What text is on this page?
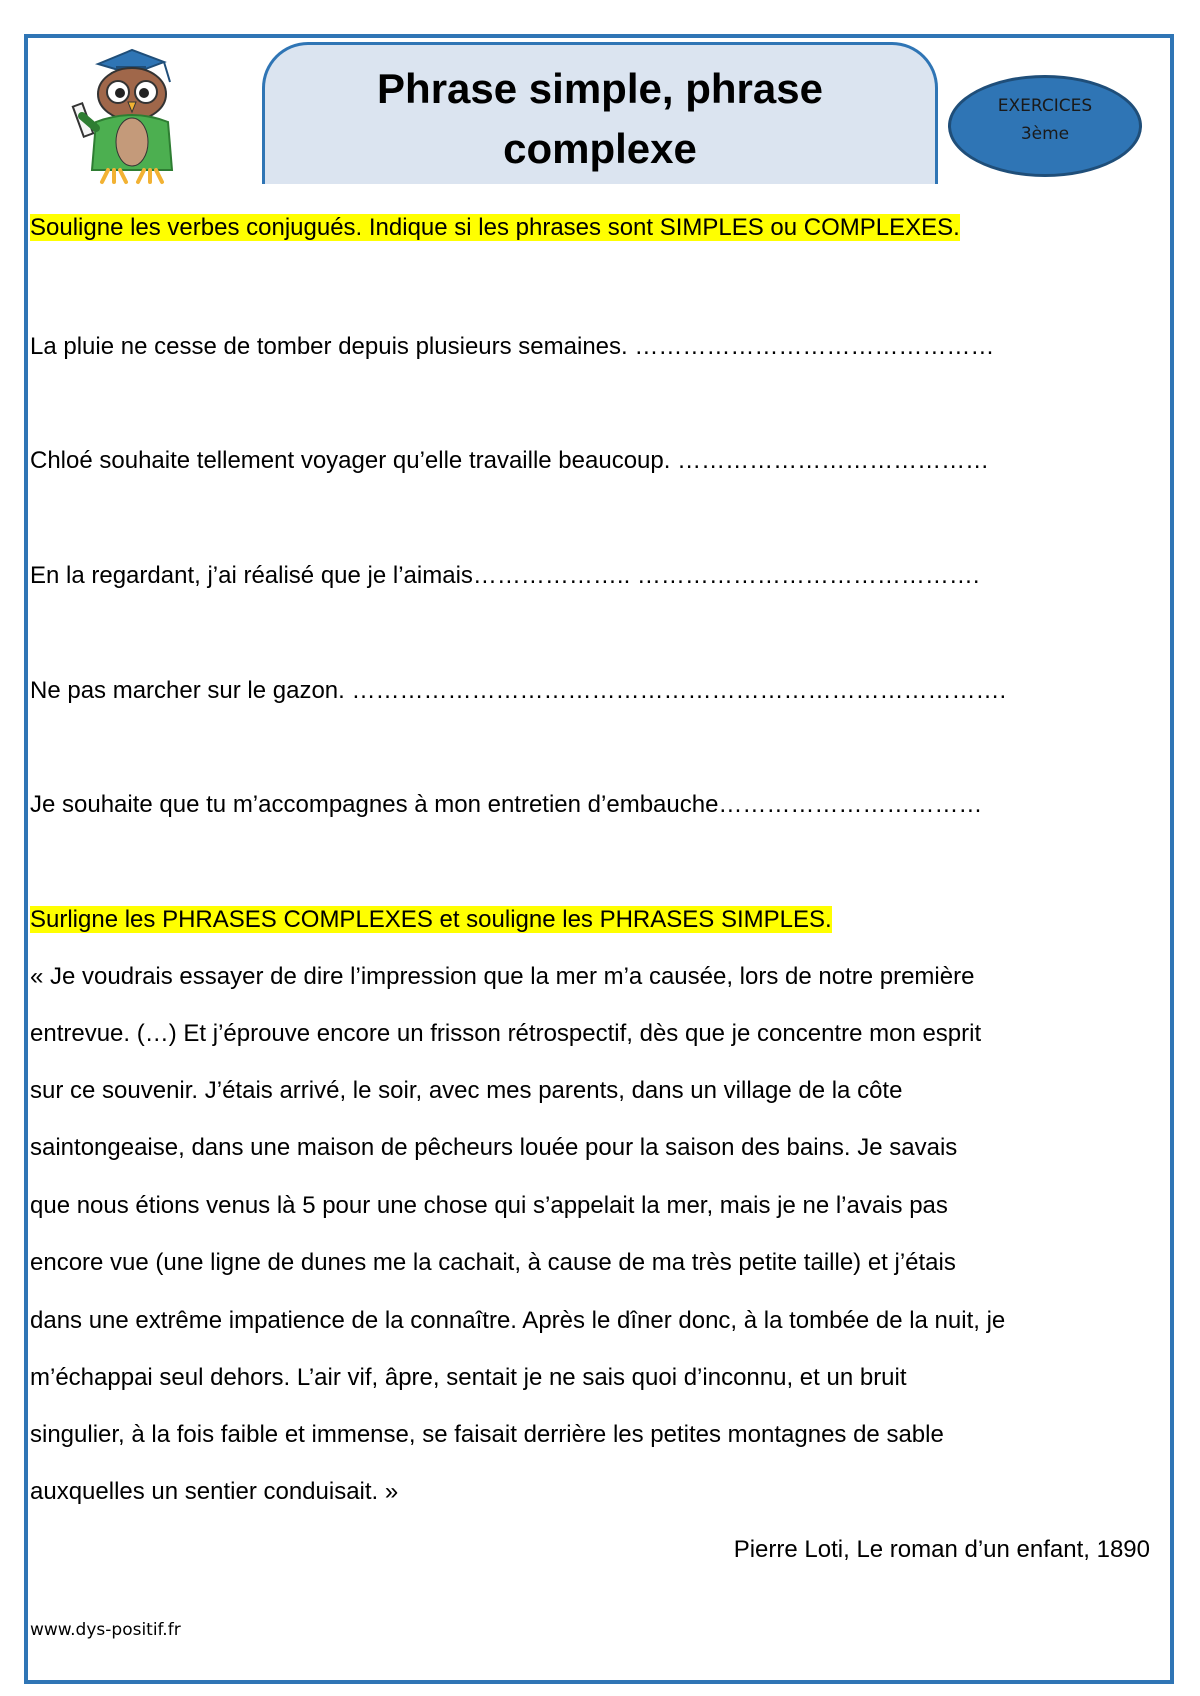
Phrase simple, phrase
complexe
EXERCICES
3ème
Souligne les verbes conjugués. Indique si les phrases sont SIMPLES ou COMPLEXES.
La pluie ne cesse de tomber depuis plusieurs semaines. ………………………………………
Chloé souhaite tellement voyager qu’elle travaille beaucoup. …………………………………
En la regardant, j’ai réalisé que je l’aimais……………….. …………………………………….
Ne pas marcher sur le gazon. ……………………………………………………………………….
Je souhaite que tu m’accompagnes à mon entretien d’embauche……………………………
Surligne les PHRASES COMPLEXES et souligne les PHRASES SIMPLES.
« Je voudrais essayer de dire l’impression que la mer m’a causée, lors de notre première
entrevue. (…) Et j’éprouve encore un frisson rétrospectif, dès que je concentre mon esprit
sur ce souvenir. J’étais arrivé, le soir, avec mes parents, dans un village de la côte
saintongeaise, dans une maison de pêcheurs louée pour la saison des bains. Je savais
que nous étions venus là 5 pour une chose qui s’appelait la mer, mais je ne l’avais pas
encore vue (une ligne de dunes me la cachait, à cause de ma très petite taille) et j’étais
dans une extrême impatience de la connaître. Après le dîner donc, à la tombée de la nuit, je
m’échappai seul dehors. L’air vif, âpre, sentait je ne sais quoi d’inconnu, et un bruit
singulier, à la fois faible et immense, se faisait derrière les petites montagnes de sable
auxquelles un sentier conduisait. »
Pierre Loti, Le roman d’un enfant, 1890
www.dys-positif.fr
